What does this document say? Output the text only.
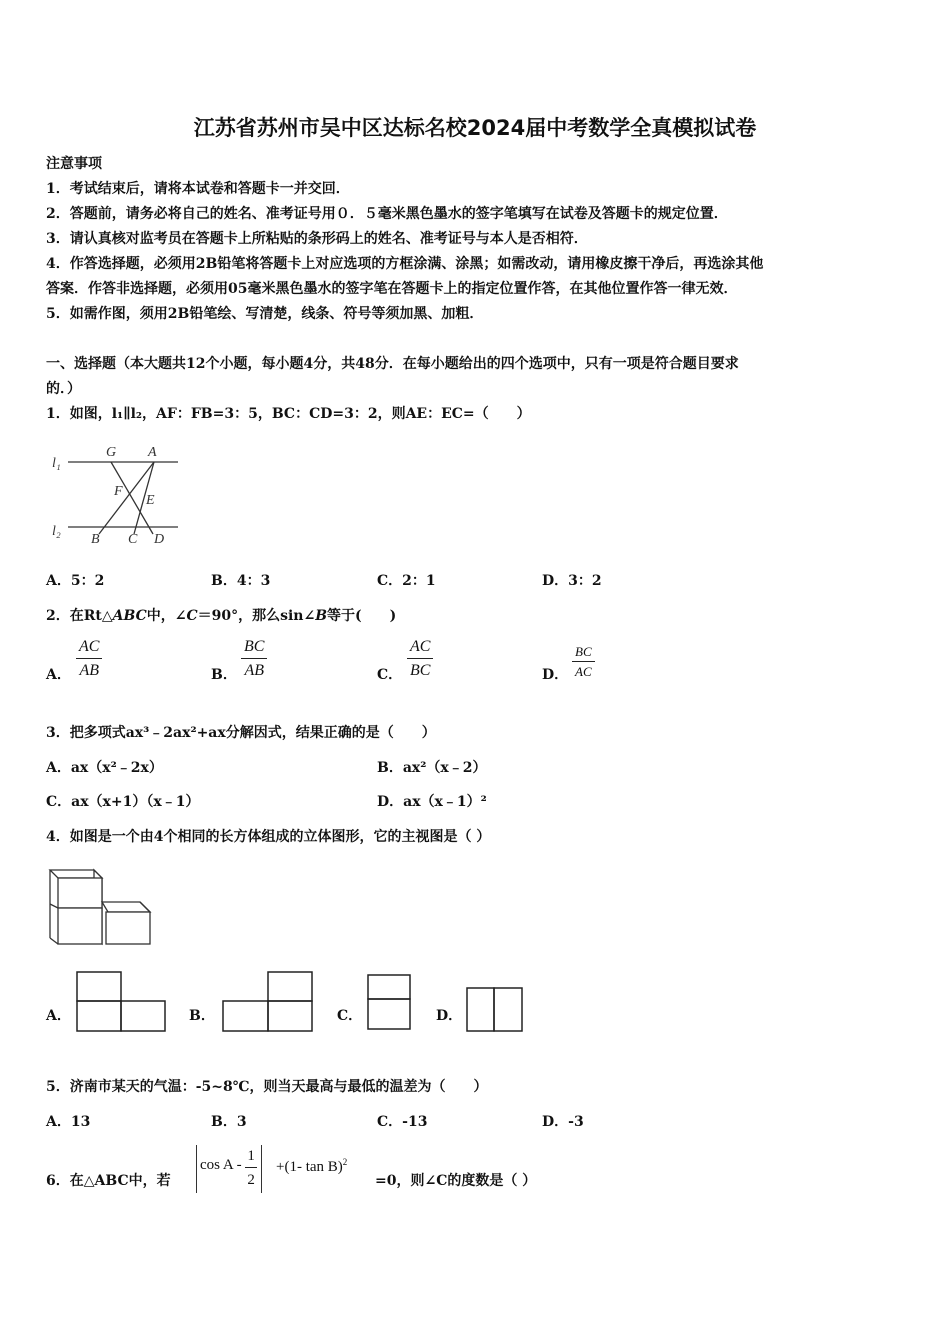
江苏省苏州市吴中区达标名校2024届中考数学全真模拟试卷
注意事项
1．考试结束后，请将本试卷和答题卡一并交回．
2．答题前，请务必将自己的姓名、准考证号用０．５毫米黑色墨水的签字笔填写在试卷及答题卡的规定位置．
3．请认真核对监考员在答题卡上所粘贴的条形码上的姓名、准考证号与本人是否相符．
4．作答选择题，必须用2B铅笔将答题卡上对应选项的方框涂满、涂黑；如需改动，请用橡皮擦干净后，再选涂其他
答案．作答非选择题，必须用05毫米黑色墨水的签字笔在答题卡上的指定位置作答，在其他位置作答一律无效．
5．如需作图，须用2B铅笔绘、写清楚，线条、符号等须加黑、加粗．
一、选择题（本大题共12个小题，每小题4分，共48分．在每小题给出的四个选项中，只有一项是符合题目要求
的．）
1．如图，l₁∥l₂，AF：FB=3：5，BC：CD=3：2，则AE：EC=（　　）
l₁
l₂
G A
F
E
B C D
A．5：2	B．4：3	C．2：1	D．3：2
2．在Rt△ABC中，∠C＝90°，那么sin∠B等于(　　)
A． $\frac{AC}{AB}$	B． $\frac{BC}{AB}$	C． $\frac{AC}{BC}$	D． $\frac{BC}{AC}$
3．把多项式ax³﹣2ax²+ax分解因式，结果正确的是（　　）
A．ax（x²﹣2x）	B．ax²（x﹣2）
C．ax（x+1）（x﹣1）	D．ax（x﹣1）²
4．如图是一个由4个相同的长方体组成的立体图形，它的主视图是（ ）
A．	B．	C．	D．
5．济南市某天的气温：-5~8℃，则当天最高与最低的温差为（　　）
A．13	B．3	C．-13	D．-3
6．在△ABC中，若
$\cos A - \frac{1}{2} +(1-$ tan B)$^2$
=0，则∠C的度数是（ ）
